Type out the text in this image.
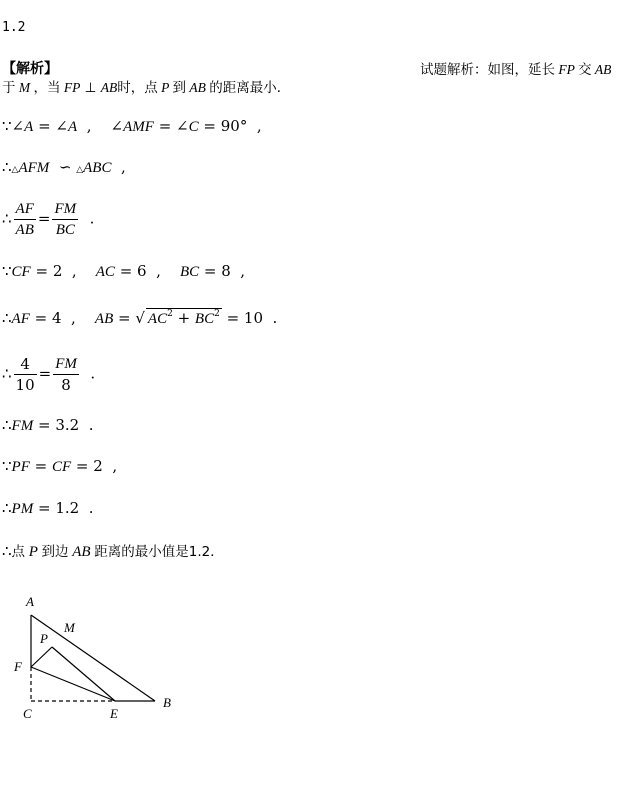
1.2
【解析】	试题解析：如图，延长 FP 交 AB
于 M ，当 FP ⊥ AB时，点 P 到 AB 的距离最小．
∵∠A = ∠A  ,    ∠AMF = ∠C = 90°  ,
∴△AFM ∽ △ABC  ,
∴ $\frac{AF}{AB} = \frac{FM}{BC}$ .
∵CF = 2  ,    AC = 6  ,    BC = 8  ,
∴AF = 4  ,    AB = √ $AC^2 + BC^2 = 10$  .
∴ $\frac{4}{10} = \frac{FM}{8}$ .
∴FM = 3.2  .
∵PF = CF = 2  ,
∴PM = 1.2  .
∴点 P 到边 AB 距离的最小值是1.2．
A
M
P
F
C	E
B
